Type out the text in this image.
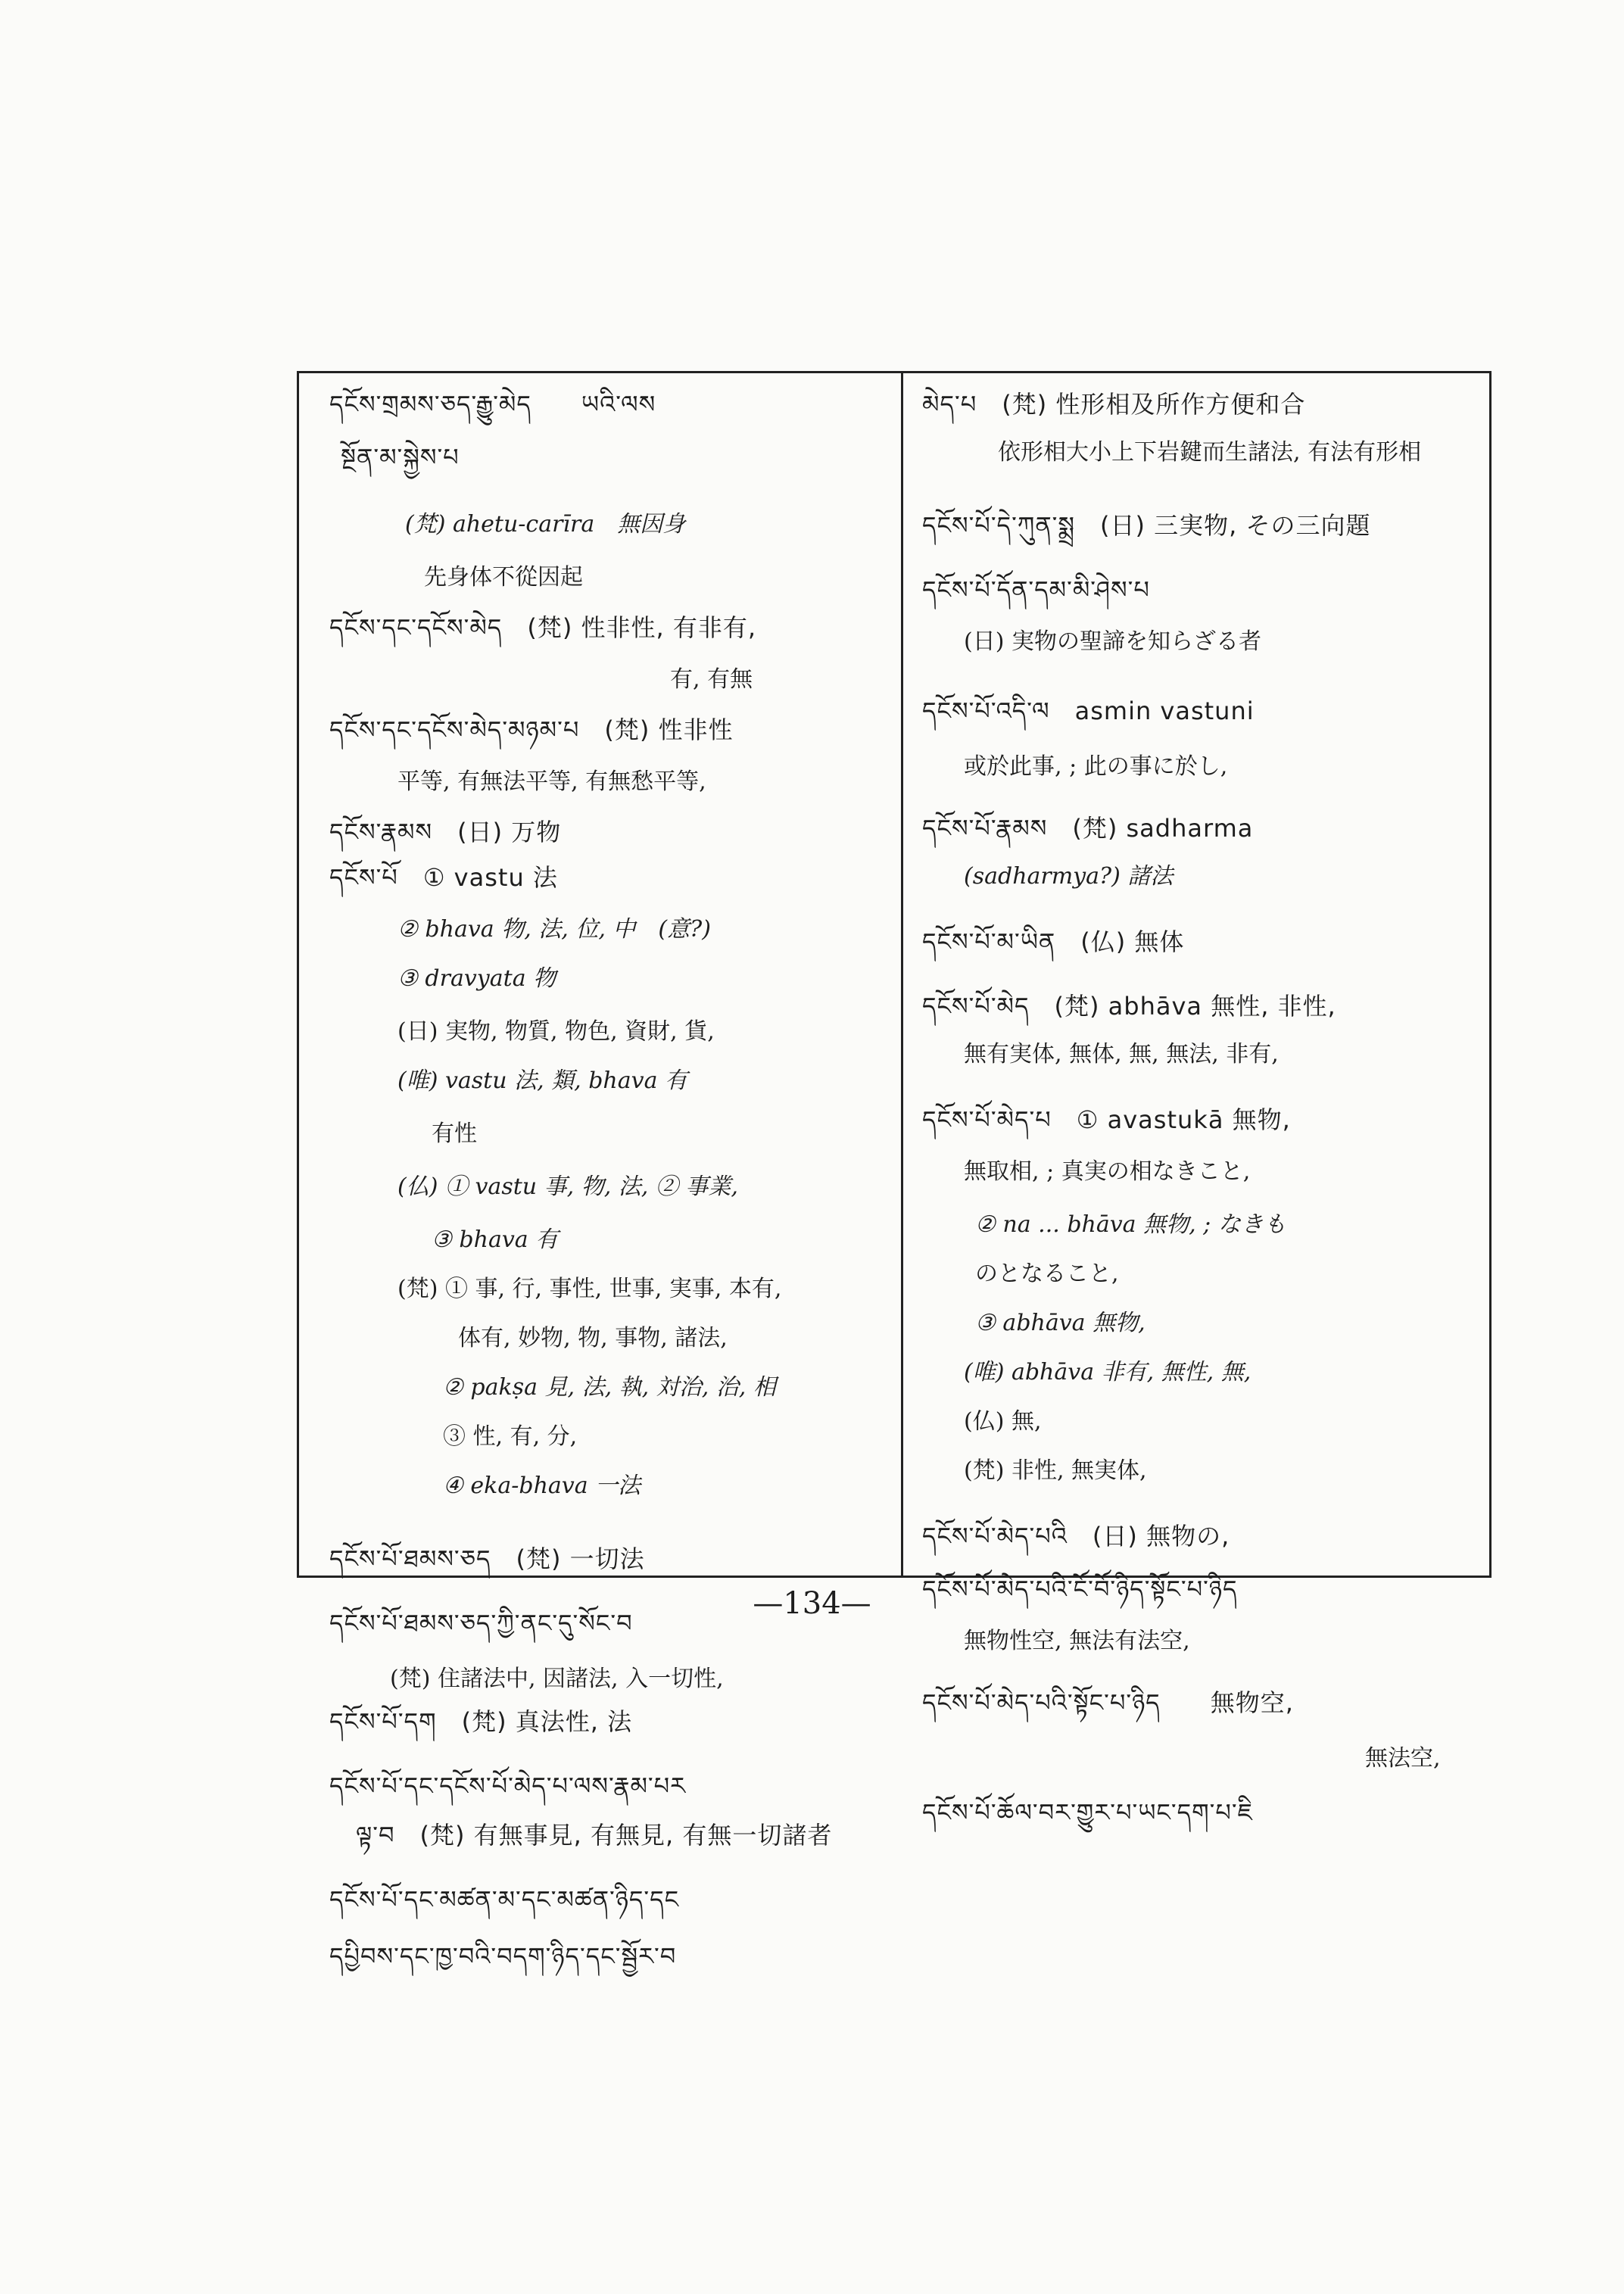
དངོས་གྲམས་ཅད་རྒྱུ་མེད　　ཡའི་ལས
སྔོན་མ་སྐྱེས་པ
(梵) ahetu-carīra　無因身
先身体不從因起
དངོས་དང་དངོས་མེད　(梵) 性非性, 有非有,
有, 有無
དངོས་དང་དངོས་མེད་མཉམ་པ　(梵) 性非性
平等, 有無法平等, 有無愁平等,
དངོས་རྣམས　(日) 万物
དངོས་པོ　① vastu 法
② bhava 物, 法, 位, 中　(意?)
③ dravyata 物
(日) 実物, 物質, 物色, 資財, 貨,
(唯) vastu 法, 類, bhava 有
有性
(仏) ① vastu 事, 物, 法, ② 事業,
③ bhava 有
(梵) ① 事, 行, 事性, 世事, 実事, 本有,
体有, 妙物, 物, 事物, 諸法,
② pakṣa 見, 法, 執, 対治, 治, 相
③ 性, 有, 分,
④ eka-bhava 一法
དངོས་པོ་ཐམས་ཅད　(梵) 一切法
དངོས་པོ་ཐམས་ཅད་ཀྱི་ནང་དུ་སོང་བ
(梵) 住諸法中, 因諸法, 入一切性,
དངོས་པོ་དག　(梵) 真法性, 法
དངོས་པོ་དང་དངོས་པོ་མེད་པ་ལས་རྣམ་པར
ལྟ་བ　(梵) 有無事見, 有無見, 有無一切諸者
དངོས་པོ་དང་མཚན་མ་དང་མཚན་ཉིད་དང
དཔྱིབས་དང་ཁྱ་བའི་བདག་ཉིད་དང་སྦྱོར་བ
མེད་པ　(梵) 性形相及所作方便和合
依形相大小上下岩鍵而生諸法, 有法有形相
དངོས་པོ་དེ་ཀུན་སྨྲ　(日) 三実物, その三向題
དངོས་པོ་དོན་དམ་མི་ཤེས་པ
(日) 実物の聖諦を知らざる者
དངོས་པོ་འདི་ལ　asmin vastuni
或於此事, ; 此の事に於し,
དངོས་པོ་རྣམས　(梵) sadharma
(sadharmya?) 諸法
དངོས་པོ་མ་ཡིན　(仏) 無体
དངོས་པོ་མེད　(梵) abhāva 無性, 非性,
無有実体, 無体, 無, 無法, 非有,
དངོས་པོ་མེད་པ　① avastukā 無物,
無取相, ; 真実の相なきこと,
② na ... bhāva 無物, ; なきも
のとなること,
③ abhāva 無物,
(唯) abhāva 非有, 無性, 無,
(仏) 無,
(梵) 非性, 無実体,
དངོས་པོ་མེད་པའི　(日) 無物の,
དངོས་པོ་མེད་པའི་ངོ་བོ་ཉིད་སྟོང་པ་ཉིད
無物性空, 無法有法空,
དངོས་པོ་མེད་པའི་སྟོང་པ་ཉིད　　無物空,
無法空,
དངོས་པོ་ཆོལ་བར་གྱུར་པ་ཡང་དག་པ་ཇི
—134—
